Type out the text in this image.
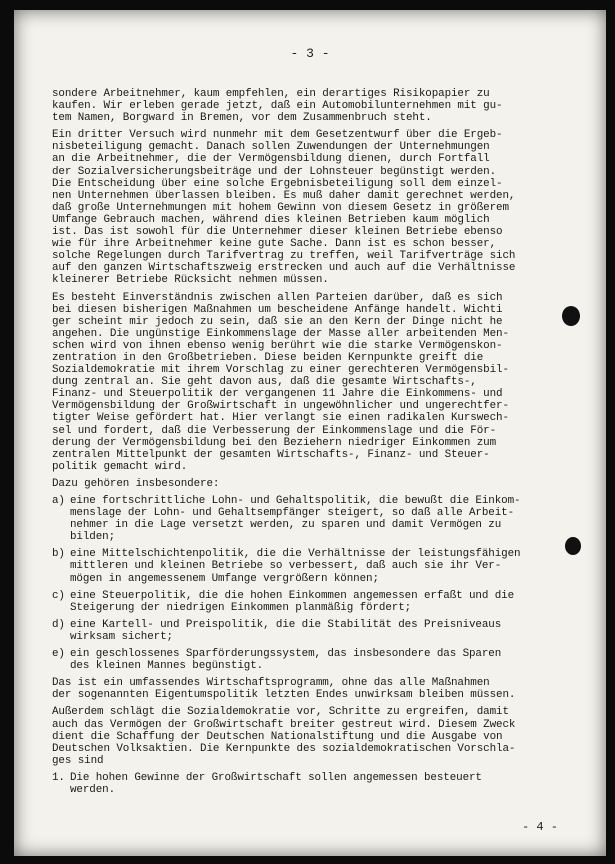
- 3 -

sondere Arbeitnehmer, kaum empfehlen, ein derartiges Risikopapier zu
kaufen. Wir erleben gerade jetzt, daß ein Automobilunternehmen mit gu-
tem Namen, Borgward in Bremen, vor dem Zusammenbruch steht.

Ein dritter Versuch wird nunmehr mit dem Gesetzentwurf über die Ergeb-
nisbeteiligung gemacht. Danach sollen Zuwendungen der Unternehmungen
an die Arbeitnehmer, die der Vermögensbildung dienen, durch Fortfall
der Sozialversicherungsbeiträge und der Lohnsteuer begünstigt werden.
Die Entscheidung über eine solche Ergebnisbeteiligung soll dem einzel-
nen Unternehmen überlassen bleiben. Es muß daher damit gerechnet werden,
daß große Unternehmungen mit hohem Gewinn von diesem Gesetz in größerem
Umfange Gebrauch machen, während dies kleinen Betrieben kaum möglich
ist. Das ist sowohl für die Unternehmer dieser kleinen Betriebe ebenso
wie für ihre Arbeitnehmer keine gute Sache. Dann ist es schon besser,
solche Regelungen durch Tarifvertrag zu treffen, weil Tarifverträge sich
auf den ganzen Wirtschaftszweig erstrecken und auch auf die Verhältnisse
kleinerer Betriebe Rücksicht nehmen müssen.

Es besteht Einverständnis zwischen allen Parteien darüber, daß es sich
bei diesen bisherigen Maßnahmen um bescheidene Anfänge handelt. Wichti
ger scheint mir jedoch zu sein, daß sie an den Kern der Dinge nicht he
angehen. Die ungünstige Einkommenslage der Masse aller arbeitenden Men-
schen wird von ihnen ebenso wenig berührt wie die starke Vermögenskon-
zentration in den Großbetrieben. Diese beiden Kernpunkte greift die
Sozialdemokratie mit ihrem Vorschlag zu einer gerechteren Vermögensbil-
dung zentral an. Sie geht davon aus, daß die gesamte Wirtschafts-,
Finanz- und Steuerpolitik der vergangenen 11 Jahre die Einkommens- und
Vermögensbildung der Großwirtschaft in ungewöhnlicher und ungerechtfer-
tigter Weise gefördert hat. Hier verlangt sie einen radikalen Kurswech-
sel und fordert, daß die Verbesserung der Einkommenslage und die För-
derung der Vermögensbildung bei den Beziehern niedriger Einkommen zum
zentralen Mittelpunkt der gesamten Wirtschafts-, Finanz- und Steuer-
politik gemacht wird.

Dazu gehören insbesondere:

a) eine fortschrittliche Lohn- und Gehaltspolitik, die bewußt die Einkom-
menslage der Lohn- und Gehaltsempfänger steigert, so daß alle Arbeit-
nehmer in die Lage versetzt werden, zu sparen und damit Vermögen zu
bilden;
b) eine Mittelschichtenpolitik, die die Verhältnisse der leistungsfähigen
mittleren und kleinen Betriebe so verbessert, daß auch sie ihr Ver-
mögen in angemessenem Umfange vergrößern können;
c) eine Steuerpolitik, die die hohen Einkommen angemessen erfaßt und die
Steigerung der niedrigen Einkommen planmäßig fördert;
d) eine Kartell- und Preispolitik, die die Stabilität des Preisniveaus
wirksam sichert;
e) ein geschlossenes Sparförderungssystem, das insbesondere das Sparen
des kleinen Mannes begünstigt.

Das ist ein umfassendes Wirtschaftsprogramm, ohne das alle Maßnahmen
der sogenannten Eigentumspolitik letzten Endes unwirksam bleiben müssen.

Außerdem schlägt die Sozialdemokratie vor, Schritte zu ergreifen, damit
auch das Vermögen der Großwirtschaft breiter gestreut wird. Diesem Zweck
dient die Schaffung der Deutschen Nationalstiftung und die Ausgabe von
Deutschen Volksaktien. Die Kernpunkte des sozialdemokratischen Vorschla-
ges sind

1. Die hohen Gewinne der Großwirtschaft sollen angemessen besteuert
werden.
- 4 -
